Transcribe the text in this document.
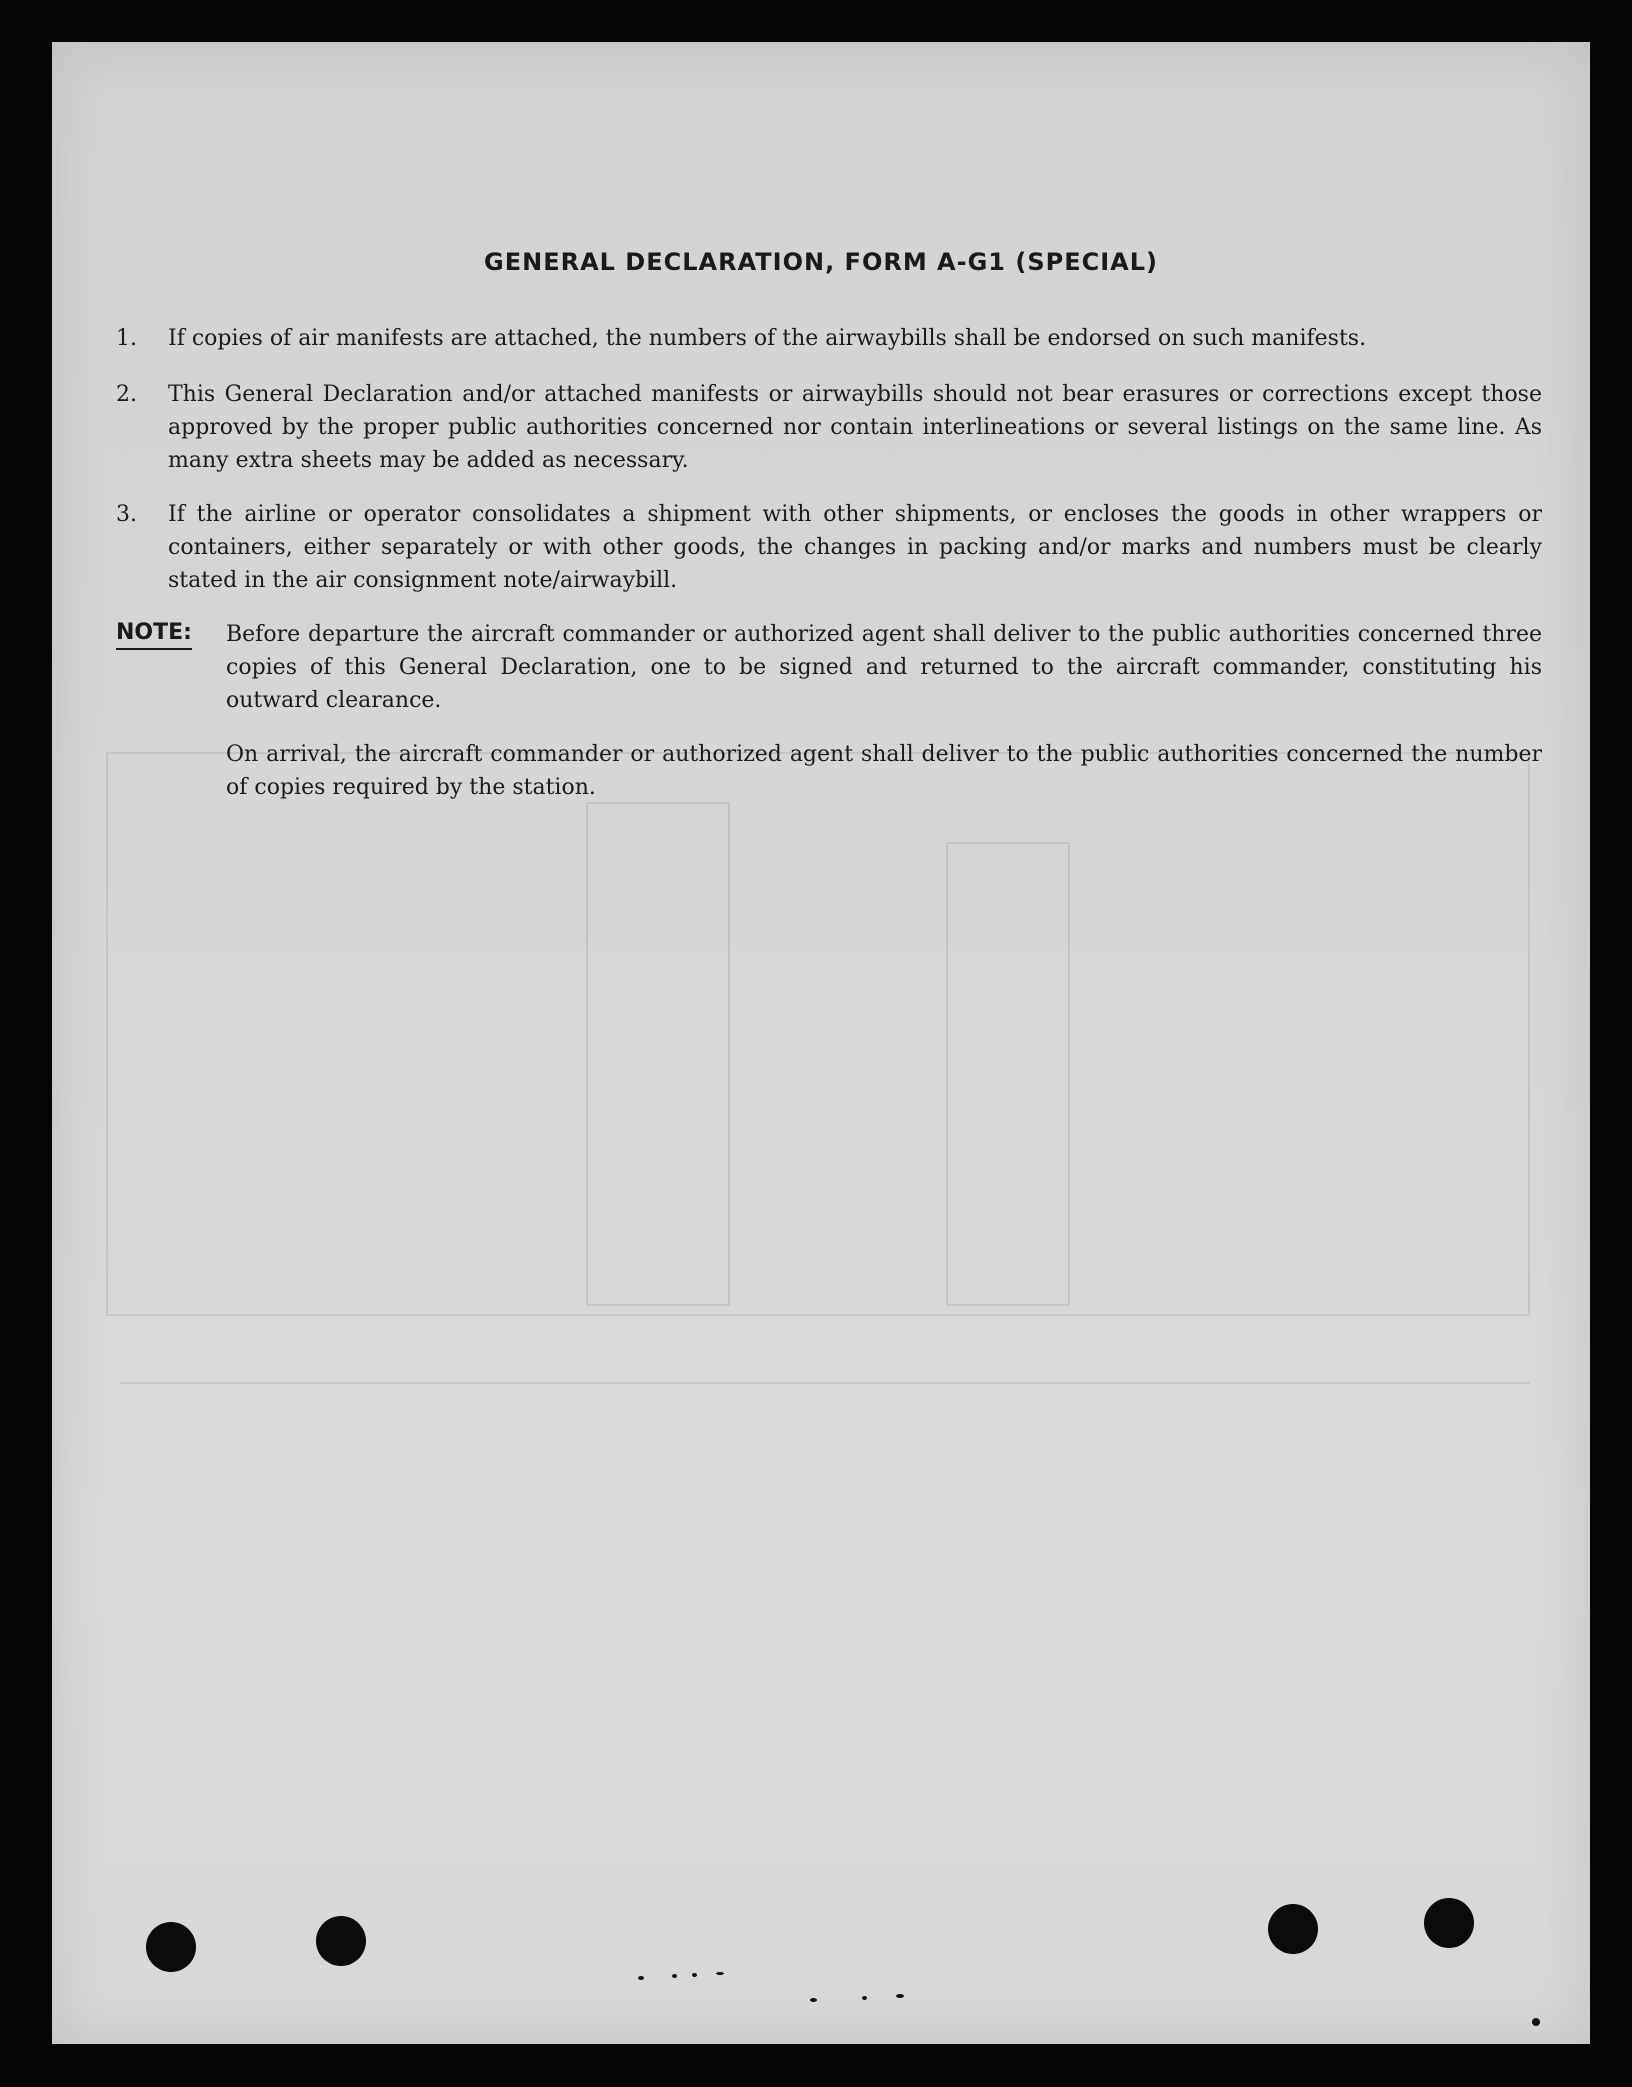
GENERAL DECLARATION, FORM A-G1 (SPECIAL)
1.	If copies of air manifests are attached, the numbers of the airwaybills shall be endorsed on such manifests.
2.	This General Declaration and/or attached manifests or airwaybills should not bear erasures or corrections except those approved by the proper public authorities concerned nor contain interlineations or several listings on the same line. As many extra sheets may be added as necessary.
3.	If the airline or operator consolidates a shipment with other shipments, or encloses the goods in other wrappers or containers, either separately or with other goods, the changes in packing and/or marks and numbers must be clearly stated in the air consignment note/airwaybill.
NOTE: Before departure the aircraft commander or authorized agent shall deliver to the public authorities concerned three copies of this General Declaration, one to be signed and returned to the aircraft commander, constituting his outward clearance.
On arrival, the aircraft commander or authorized agent shall deliver to the public authorities concerned the number of copies required by the station.
